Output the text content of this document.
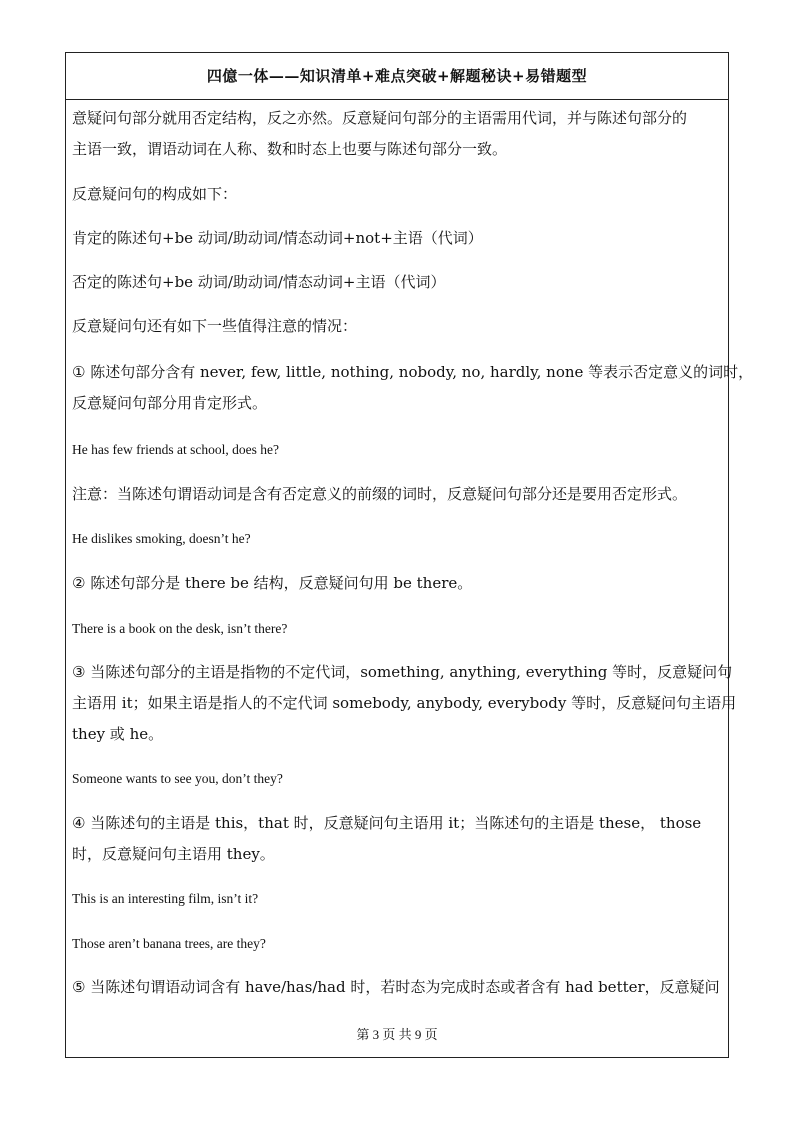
四億一体——知识清单+难点突破+解题秘诀+易错题型
意疑问句部分就用否定结构，反之亦然。反意疑问句部分的主语需用代词，并与陈述句部分的
主语一致，谓语动词在人称、数和时态上也要与陈述句部分一致。
反意疑问句的构成如下：
肯定的陈述句+be 动词/助动词/情态动词+not+主语（代词）
否定的陈述句+be 动词/助动词/情态动词+主语（代词）
反意疑问句还有如下一些值得注意的情况：
① 陈述句部分含有 never, few, little, nothing, nobody, no, hardly, none 等表示否定意义的词时，
反意疑问句部分用肯定形式。
He has few friends at school, does he?
注意：当陈述句谓语动词是含有否定意义的前缀的词时，反意疑问句部分还是要用否定形式。
He dislikes smoking, doesn’t he?
② 陈述句部分是 there be 结构，反意疑问句用 be there。
There is a book on the desk, isn’t there?
③ 当陈述句部分的主语是指物的不定代词，something, anything, everything 等时，反意疑问句
主语用 it；如果主语是指人的不定代词 somebody, anybody, everybody 等时，反意疑问句主语用
they 或 he。
Someone wants to see you, don’t they?
④ 当陈述句的主语是 this，that 时，反意疑问句主语用 it；当陈述句的主语是 these， those
时，反意疑问句主语用 they。
This is an interesting film, isn’t it?
Those aren’t banana trees, are they?
⑤ 当陈述句谓语动词含有 have/has/had 时，若时态为完成时态或者含有 had better，反意疑问
第 3 页 共 9 页
